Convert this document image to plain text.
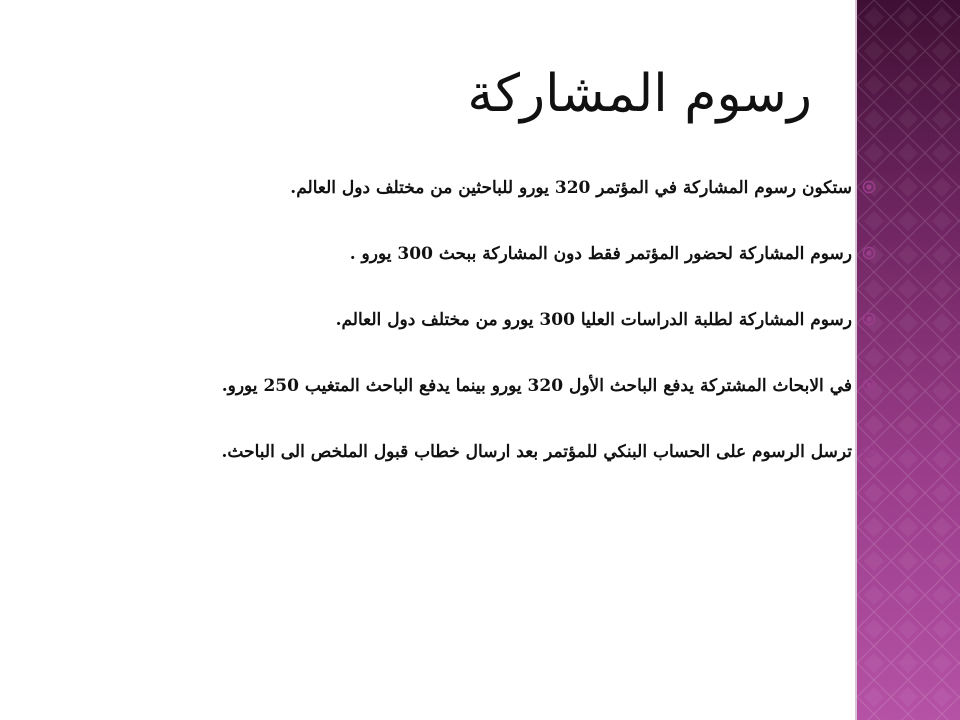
رسوم المشاركة
ستكون رسوم المشاركة في المؤتمر 320 يورو للباحثين من مختلف دول العالم.
رسوم المشاركة لحضور المؤتمر فقط دون المشاركة ببحث 300 يورو .
رسوم المشاركة لطلبة الدراسات العليا 300 يورو من مختلف دول العالم.
في الابحاث المشتركة يدفع الباحث الأول 320 يورو بينما يدفع الباحث المتغيب 250 يورو.
ترسل الرسوم على الحساب البنكي للمؤتمر بعد ارسال خطاب قبول الملخص الى الباحث.
